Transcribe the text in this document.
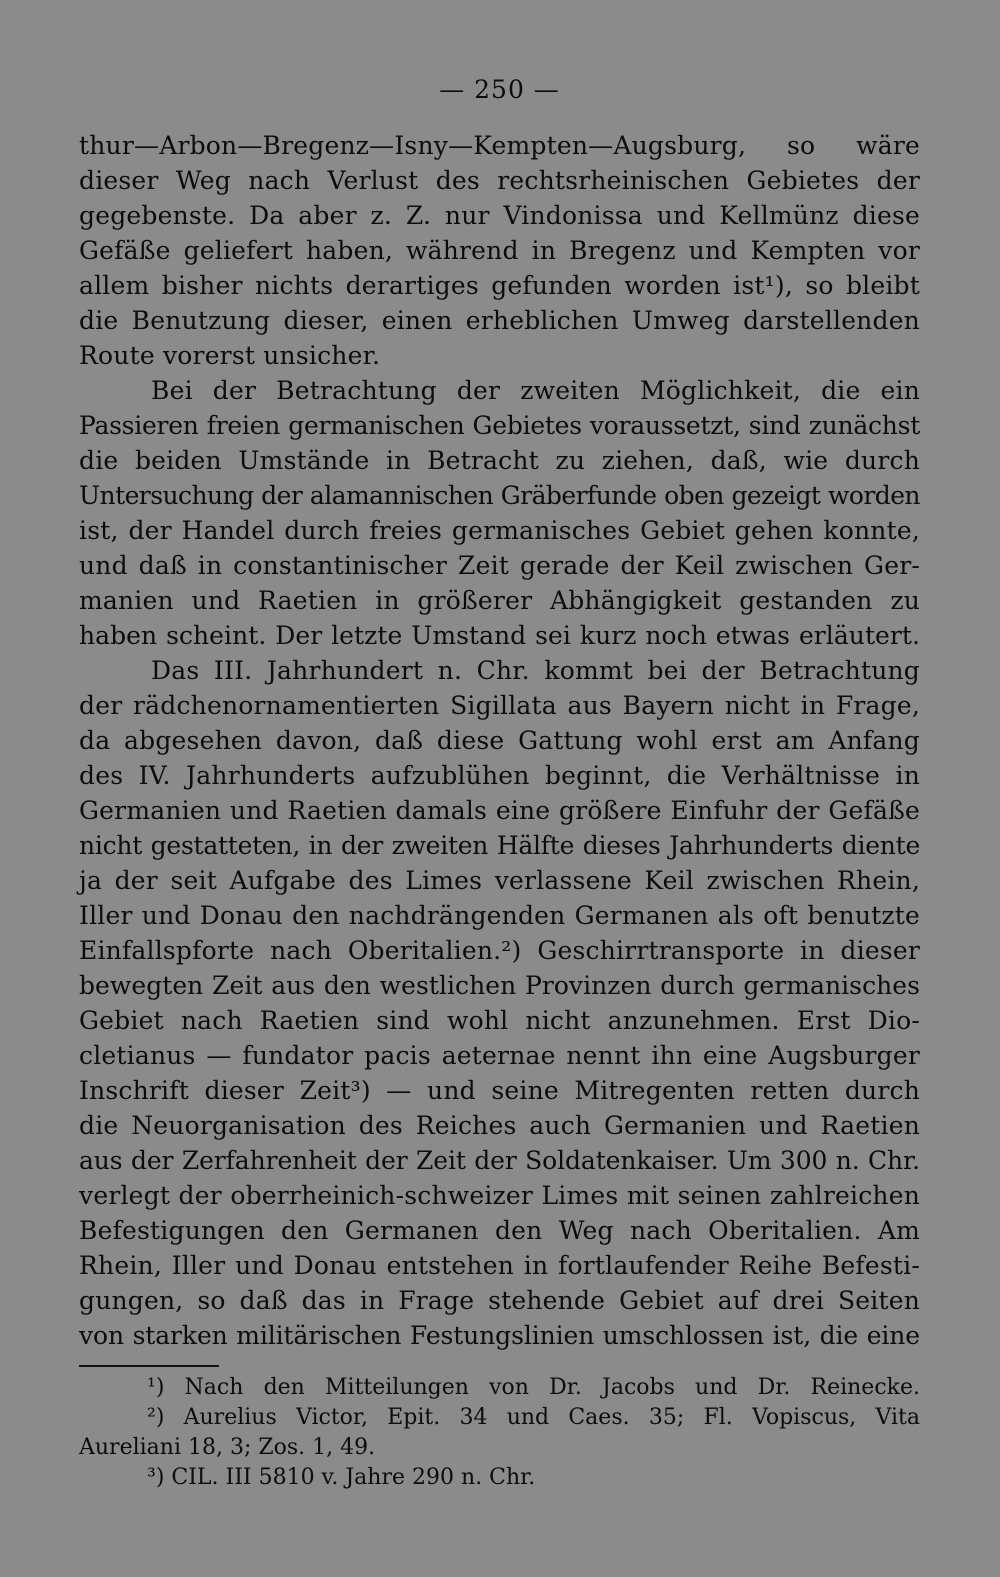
— 250 —
thur—Arbon—Bregenz—Isny—Kempten—Augsburg, so wäre
dieser Weg nach Verlust des rechtsrheinischen Gebietes der
gegebenste. Da aber z. Z. nur Vindonissa und Kellmünz diese
Gefäße geliefert haben, während in Bregenz und Kempten vor
allem bisher nichts derartiges gefunden worden ist¹), so bleibt
die Benutzung dieser, einen erheblichen Umweg darstellenden
Route vorerst unsicher.
Bei der Betrachtung der zweiten Möglichkeit, die ein
Passieren freien germanischen Gebietes voraussetzt, sind zunächst
die beiden Umstände in Betracht zu ziehen, daß, wie durch
Untersuchung der alamannischen Gräberfunde oben gezeigt worden
ist, der Handel durch freies germanisches Gebiet gehen konnte,
und daß in constantinischer Zeit gerade der Keil zwischen Ger-
manien und Raetien in größerer Abhängigkeit gestanden zu
haben scheint. Der letzte Umstand sei kurz noch etwas erläutert.
Das III. Jahrhundert n. Chr. kommt bei der Betrachtung
der rädchenornamentierten Sigillata aus Bayern nicht in Frage,
da abgesehen davon, daß diese Gattung wohl erst am Anfang
des IV. Jahrhunderts aufzublühen beginnt, die Verhältnisse in
Germanien und Raetien damals eine größere Einfuhr der Gefäße
nicht gestatteten, in der zweiten Hälfte dieses Jahrhunderts diente
ja der seit Aufgabe des Limes verlassene Keil zwischen Rhein,
Iller und Donau den nachdrängenden Germanen als oft benutzte
Einfallspforte nach Oberitalien.²) Geschirrtransporte in dieser
bewegten Zeit aus den westlichen Provinzen durch germanisches
Gebiet nach Raetien sind wohl nicht anzunehmen. Erst Dio-
cletianus — fundator pacis aeternae nennt ihn eine Augsburger
Inschrift dieser Zeit³) — und seine Mitregenten retten durch
die Neuorganisation des Reiches auch Germanien und Raetien
aus der Zerfahrenheit der Zeit der Soldatenkaiser. Um 300 n. Chr.
verlegt der oberrheinich-schweizer Limes mit seinen zahlreichen
Befestigungen den Germanen den Weg nach Oberitalien. Am
Rhein, Iller und Donau entstehen in fortlaufender Reihe Befesti-
gungen, so daß das in Frage stehende Gebiet auf drei Seiten
von starken militärischen Festungslinien umschlossen ist, die eine
¹) Nach den Mitteilungen von Dr. Jacobs und Dr. Reinecke.
²) Aurelius Victor, Epit. 34 und Caes. 35; Fl. Vopiscus, Vita
Aureliani 18, 3; Zos. 1, 49.
³) CIL. III 5810 v. Jahre 290 n. Chr.
